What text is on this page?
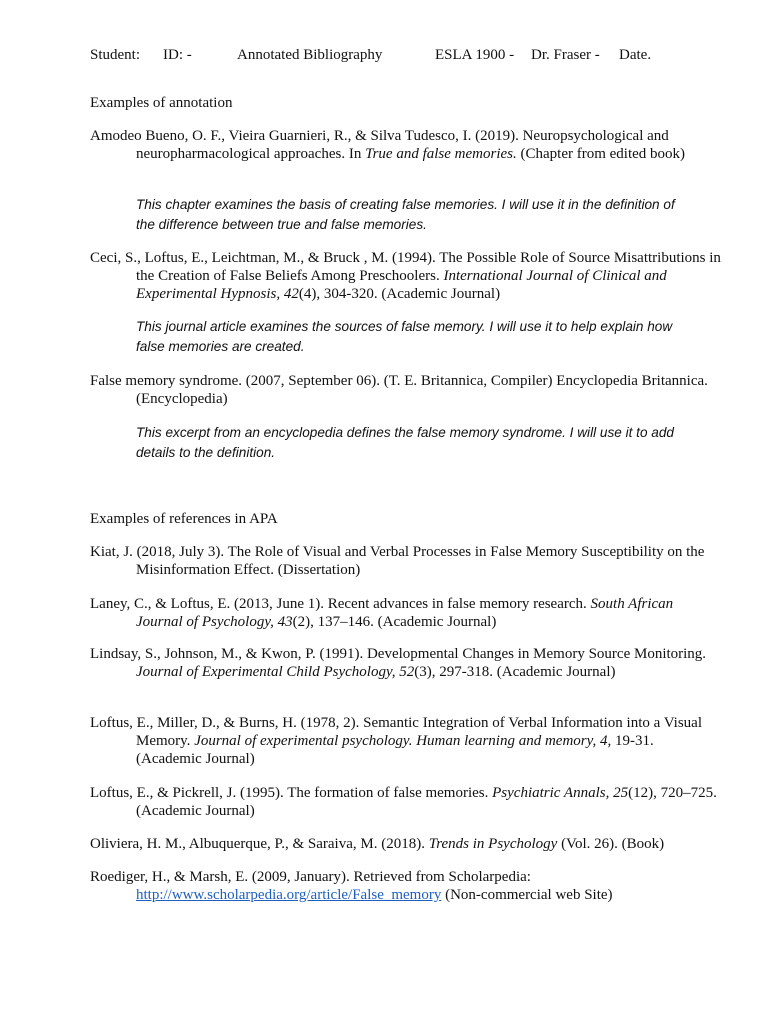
Student: ID: -	Annotated Bibliography	ESLA 1900 - Dr. Fraser - Date.
Examples of annotation
Amodeo Bueno, O. F., Vieira Guarnieri, R., & Silva Tudesco, I. (2019). Neuropsychological and neuropharmacological approaches. In True and false memories. (Chapter from edited book)
This chapter examines the basis of creating false memories. I will use it in the definition of the difference between true and false memories.
Ceci, S., Loftus, E., Leichtman, M., & Bruck , M. (1994). The Possible Role of Source Misattributions in the Creation of False Beliefs Among Preschoolers. International Journal of Clinical and Experimental Hypnosis, 42(4), 304-320. (Academic Journal)
This journal article examines the sources of false memory. I will use it to help explain how false memories are created.
False memory syndrome. (2007, September 06). (T. E. Britannica, Compiler) Encyclopedia Britannica. (Encyclopedia)
This excerpt from an encyclopedia defines the false memory syndrome. I will use it to add details to the definition.
Examples of references in APA
Kiat, J. (2018, July 3). The Role of Visual and Verbal Processes in False Memory Susceptibility on the Misinformation Effect. (Dissertation)
Laney, C., & Loftus, E. (2013, June 1). Recent advances in false memory research. South African Journal of Psychology, 43(2), 137–146. (Academic Journal)
Lindsay, S., Johnson, M., & Kwon, P. (1991). Developmental Changes in Memory Source Monitoring. Journal of Experimental Child Psychology, 52(3), 297-318. (Academic Journal)
Loftus, E., Miller, D., & Burns, H. (1978, 2). Semantic Integration of Verbal Information into a Visual Memory. Journal of experimental psychology. Human learning and memory, 4, 19-31. (Academic Journal)
Loftus, E., & Pickrell, J. (1995). The formation of false memories. Psychiatric Annals, 25(12), 720–725. (Academic Journal)
Oliviera, H. M., Albuquerque, P., & Saraiva, M. (2018). Trends in Psychology (Vol. 26). (Book)
Roediger, H., & Marsh, E. (2009, January). Retrieved from Scholarpedia: http://www.scholarpedia.org/article/False_memory (Non-commercial web Site)
